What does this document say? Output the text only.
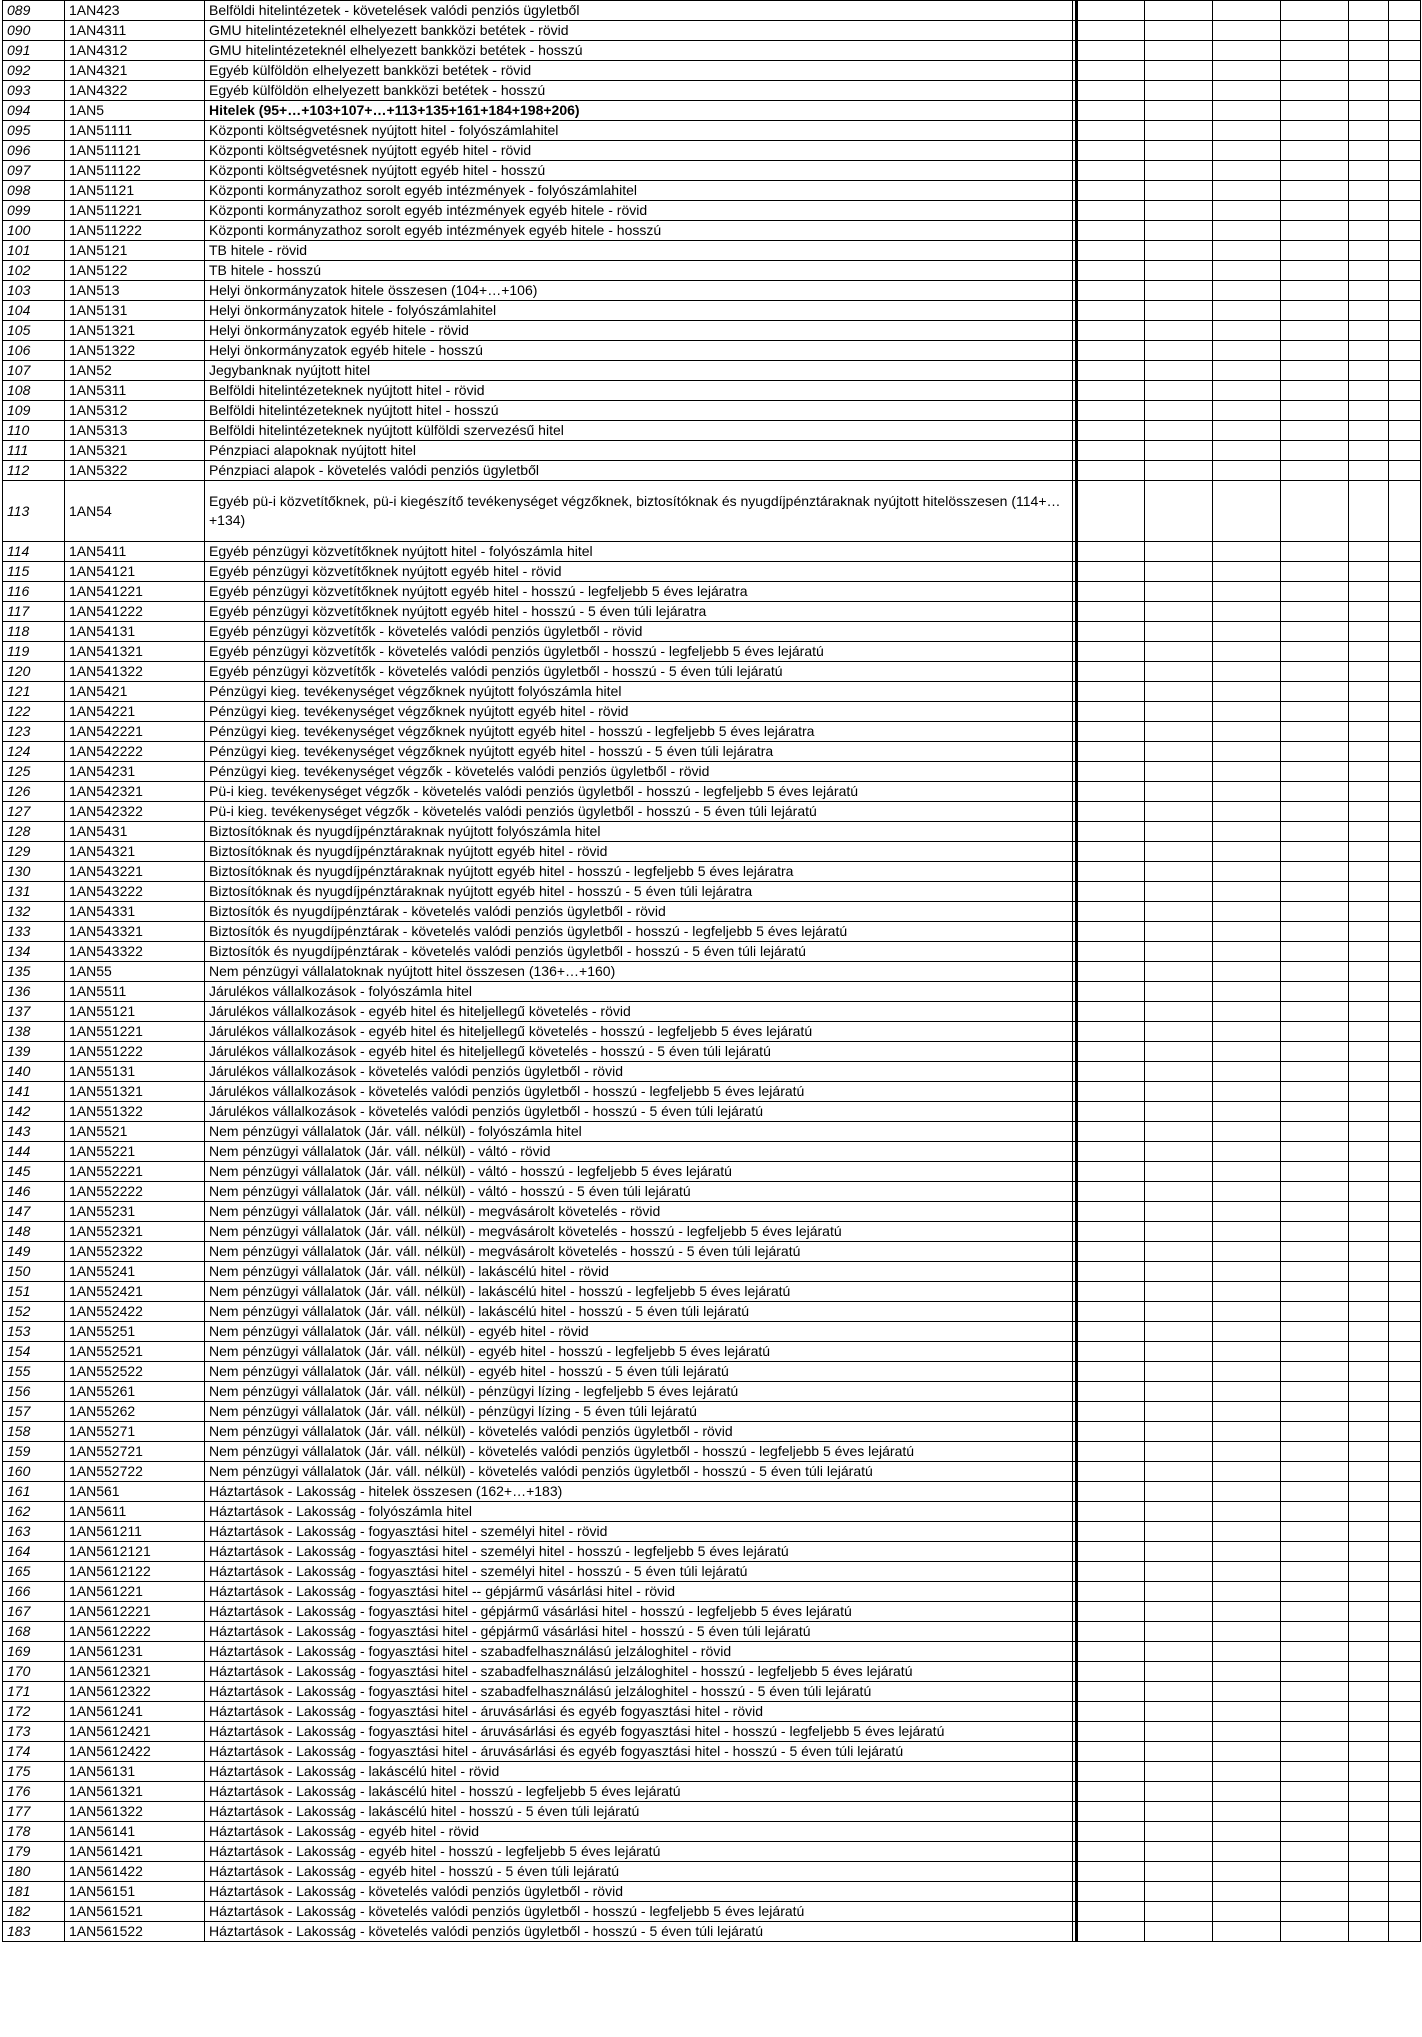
089	1AN423	Belföldi hitelintézetek - követelések valódi penziós ügyletből							
090	1AN4311	GMU hitelintézeteknél elhelyezett bankközi betétek - rövid							
091	1AN4312	GMU hitelintézeteknél elhelyezett bankközi betétek - hosszú							
092	1AN4321	Egyéb külföldön elhelyezett bankközi betétek - rövid							
093	1AN4322	Egyéb külföldön elhelyezett bankközi betétek - hosszú							
094	1AN5	Hitelek (95+…+103+107+…+113+135+161+184+198+206)							
095	1AN51111	Központi költségvetésnek nyújtott hitel - folyószámlahitel							
096	1AN511121	Központi költségvetésnek nyújtott egyéb hitel - rövid							
097	1AN511122	Központi költségvetésnek nyújtott egyéb hitel - hosszú							
098	1AN51121	Központi kormányzathoz sorolt egyéb intézmények - folyószámlahitel							
099	1AN511221	Központi kormányzathoz sorolt egyéb intézmények egyéb hitele - rövid							
100	1AN511222	Központi kormányzathoz sorolt egyéb intézmények egyéb hitele - hosszú							
101	1AN5121	TB hitele - rövid							
102	1AN5122	TB hitele - hosszú							
103	1AN513	Helyi önkormányzatok hitele összesen (104+…+106)							
104	1AN5131	Helyi önkormányzatok hitele - folyószámlahitel							
105	1AN51321	Helyi önkormányzatok egyéb hitele - rövid							
106	1AN51322	Helyi önkormányzatok egyéb hitele - hosszú							
107	1AN52	Jegybanknak nyújtott hitel							
108	1AN5311	Belföldi hitelintézeteknek nyújtott hitel - rövid							
109	1AN5312	Belföldi hitelintézeteknek nyújtott hitel - hosszú							
110	1AN5313	Belföldi hitelintézeteknek nyújtott külföldi szervezésű hitel							
111	1AN5321	Pénzpiaci alapoknak nyújtott hitel							
112	1AN5322	Pénzpiaci alapok - követelés valódi penziós ügyletből							
113	1AN54	Egyéb pü-i közvetítőknek, pü-i kiegészítő tevékenységet végzőknek, biztosítóknak és nyugdíjpénztáraknak nyújtott hitelösszesen (114+…+134)							
114	1AN5411	Egyéb pénzügyi közvetítőknek nyújtott hitel - folyószámla hitel							
115	1AN54121	Egyéb pénzügyi közvetítőknek nyújtott egyéb hitel - rövid							
116	1AN541221	Egyéb pénzügyi közvetítőknek nyújtott egyéb hitel - hosszú - legfeljebb 5 éves lejáratra							
117	1AN541222	Egyéb pénzügyi közvetítőknek nyújtott egyéb hitel - hosszú - 5 éven túli lejáratra							
118	1AN54131	Egyéb pénzügyi közvetítők - követelés valódi penziós ügyletből - rövid							
119	1AN541321	Egyéb pénzügyi közvetítők - követelés valódi penziós ügyletből - hosszú - legfeljebb 5 éves lejáratú							
120	1AN541322	Egyéb pénzügyi közvetítők - követelés valódi penziós ügyletből - hosszú - 5 éven túli lejáratú							
121	1AN5421	Pénzügyi kieg. tevékenységet végzőknek nyújtott folyószámla hitel							
122	1AN54221	Pénzügyi kieg. tevékenységet végzőknek nyújtott egyéb hitel - rövid							
123	1AN542221	Pénzügyi kieg. tevékenységet végzőknek nyújtott egyéb hitel - hosszú - legfeljebb 5 éves lejáratra							
124	1AN542222	Pénzügyi kieg. tevékenységet végzőknek nyújtott egyéb hitel - hosszú - 5 éven túli lejáratra							
125	1AN54231	Pénzügyi kieg. tevékenységet végzők - követelés valódi penziós ügyletből - rövid							
126	1AN542321	Pü-i kieg. tevékenységet végzők - követelés valódi penziós ügyletből - hosszú - legfeljebb 5 éves lejáratú							
127	1AN542322	Pü-i kieg. tevékenységet végzők - követelés valódi penziós ügyletből - hosszú - 5 éven túli lejáratú							
128	1AN5431	Biztosítóknak és nyugdíjpénztáraknak nyújtott folyószámla hitel							
129	1AN54321	Biztosítóknak és nyugdíjpénztáraknak nyújtott egyéb hitel - rövid							
130	1AN543221	Biztosítóknak és nyugdíjpénztáraknak nyújtott egyéb hitel - hosszú - legfeljebb 5 éves lejáratra							
131	1AN543222	Biztosítóknak és nyugdíjpénztáraknak nyújtott egyéb hitel - hosszú - 5 éven túli lejáratra							
132	1AN54331	Biztosítók és nyugdíjpénztárak - követelés valódi penziós ügyletből - rövid							
133	1AN543321	Biztosítók és nyugdíjpénztárak - követelés valódi penziós ügyletből - hosszú - legfeljebb 5 éves lejáratú							
134	1AN543322	Biztosítók és nyugdíjpénztárak - követelés valódi penziós ügyletből - hosszú - 5 éven túli lejáratú							
135	1AN55	Nem pénzügyi vállalatoknak nyújtott hitel összesen (136+…+160)							
136	1AN5511	Járulékos vállalkozások - folyószámla hitel							
137	1AN55121	Járulékos vállalkozások - egyéb hitel és hiteljellegű követelés - rövid							
138	1AN551221	Járulékos vállalkozások - egyéb hitel és hiteljellegű követelés - hosszú - legfeljebb 5 éves lejáratú							
139	1AN551222	Járulékos vállalkozások - egyéb hitel és hiteljellegű követelés - hosszú - 5 éven túli lejáratú							
140	1AN55131	Járulékos vállalkozások - követelés valódi penziós ügyletből - rövid							
141	1AN551321	Járulékos vállalkozások - követelés valódi penziós ügyletből - hosszú - legfeljebb 5 éves lejáratú							
142	1AN551322	Járulékos vállalkozások - követelés valódi penziós ügyletből - hosszú - 5 éven túli lejáratú							
143	1AN5521	Nem pénzügyi vállalatok (Jár. váll. nélkül) - folyószámla hitel							
144	1AN55221	Nem pénzügyi vállalatok (Jár. váll. nélkül) - váltó - rövid							
145	1AN552221	Nem pénzügyi vállalatok (Jár. váll. nélkül) - váltó - hosszú - legfeljebb 5 éves lejáratú							
146	1AN552222	Nem pénzügyi vállalatok (Jár. váll. nélkül) - váltó - hosszú - 5 éven túli lejáratú							
147	1AN55231	Nem pénzügyi vállalatok (Jár. váll. nélkül) - megvásárolt követelés - rövid							
148	1AN552321	Nem pénzügyi vállalatok (Jár. váll. nélkül) - megvásárolt követelés - hosszú - legfeljebb 5 éves lejáratú							
149	1AN552322	Nem pénzügyi vállalatok (Jár. váll. nélkül) - megvásárolt követelés - hosszú - 5 éven túli lejáratú							
150	1AN55241	Nem pénzügyi vállalatok (Jár. váll. nélkül) - lakáscélú hitel - rövid							
151	1AN552421	Nem pénzügyi vállalatok (Jár. váll. nélkül) - lakáscélú hitel - hosszú - legfeljebb 5 éves lejáratú							
152	1AN552422	Nem pénzügyi vállalatok (Jár. váll. nélkül) - lakáscélú hitel - hosszú - 5 éven túli lejáratú							
153	1AN55251	Nem pénzügyi vállalatok (Jár. váll. nélkül) - egyéb hitel - rövid							
154	1AN552521	Nem pénzügyi vállalatok (Jár. váll. nélkül) - egyéb hitel - hosszú - legfeljebb 5 éves lejáratú							
155	1AN552522	Nem pénzügyi vállalatok (Jár. váll. nélkül) - egyéb hitel - hosszú - 5 éven túli lejáratú							
156	1AN55261	Nem pénzügyi vállalatok (Jár. váll. nélkül) - pénzügyi lízing - legfeljebb 5 éves lejáratú							
157	1AN55262	Nem pénzügyi vállalatok (Jár. váll. nélkül) - pénzügyi lízing - 5 éven túli lejáratú							
158	1AN55271	Nem pénzügyi vállalatok (Jár. váll. nélkül) - követelés valódi penziós ügyletből - rövid							
159	1AN552721	Nem pénzügyi vállalatok (Jár. váll. nélkül) - követelés valódi penziós ügyletből - hosszú - legfeljebb 5 éves lejáratú							
160	1AN552722	Nem pénzügyi vállalatok (Jár. váll. nélkül) - követelés valódi penziós ügyletből - hosszú - 5 éven túli lejáratú							
161	1AN561	Háztartások - Lakosság - hitelek összesen (162+…+183)							
162	1AN5611	Háztartások - Lakosság - folyószámla hitel							
163	1AN561211	Háztartások - Lakosság - fogyasztási hitel - személyi hitel - rövid							
164	1AN5612121	Háztartások - Lakosság - fogyasztási hitel - személyi hitel - hosszú - legfeljebb 5 éves lejáratú							
165	1AN5612122	Háztartások - Lakosság - fogyasztási hitel - személyi hitel - hosszú - 5 éven túli lejáratú							
166	1AN561221	Háztartások - Lakosság - fogyasztási hitel -- gépjármű vásárlási hitel - rövid							
167	1AN5612221	Háztartások - Lakosság - fogyasztási hitel - gépjármű vásárlási hitel - hosszú - legfeljebb 5 éves lejáratú							
168	1AN5612222	Háztartások - Lakosság - fogyasztási hitel - gépjármű vásárlási hitel - hosszú - 5 éven túli lejáratú							
169	1AN561231	Háztartások - Lakosság - fogyasztási hitel - szabadfelhasználású jelzáloghitel - rövid							
170	1AN5612321	Háztartások - Lakosság - fogyasztási hitel - szabadfelhasználású jelzáloghitel - hosszú - legfeljebb 5 éves lejáratú							
171	1AN5612322	Háztartások - Lakosság - fogyasztási hitel - szabadfelhasználású jelzáloghitel - hosszú - 5 éven túli lejáratú							
172	1AN561241	Háztartások - Lakosság - fogyasztási hitel - áruvásárlási és egyéb fogyasztási hitel - rövid							
173	1AN5612421	Háztartások - Lakosság - fogyasztási hitel - áruvásárlási és egyéb fogyasztási hitel - hosszú - legfeljebb 5 éves lejáratú							
174	1AN5612422	Háztartások - Lakosság - fogyasztási hitel - áruvásárlási és egyéb fogyasztási hitel - hosszú - 5 éven túli lejáratú							
175	1AN56131	Háztartások - Lakosság - lakáscélú hitel - rövid							
176	1AN561321	Háztartások - Lakosság - lakáscélú hitel - hosszú - legfeljebb 5 éves lejáratú							
177	1AN561322	Háztartások - Lakosság - lakáscélú hitel - hosszú - 5 éven túli lejáratú							
178	1AN56141	Háztartások - Lakosság - egyéb hitel - rövid							
179	1AN561421	Háztartások - Lakosság - egyéb hitel - hosszú - legfeljebb 5 éves lejáratú							
180	1AN561422	Háztartások - Lakosság - egyéb hitel - hosszú - 5 éven túli lejáratú							
181	1AN56151	Háztartások - Lakosság - követelés valódi penziós ügyletből - rövid							
182	1AN561521	Háztartások - Lakosság - követelés valódi penziós ügyletből - hosszú - legfeljebb 5 éves lejáratú							
183	1AN561522	Háztartások - Lakosság - követelés valódi penziós ügyletből - hosszú - 5 éven túli lejáratú							
